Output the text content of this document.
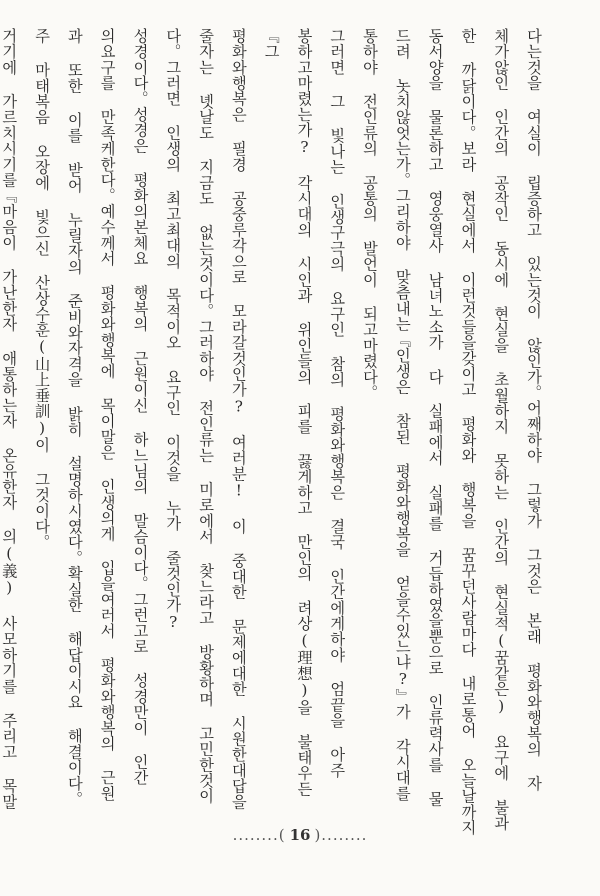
다는것을 여실이 립증하고 있는것이 않인가。어째하야 그렇가 그것은 본래 평화와행복의 자
체가않인 인간의 공작인 동시에 현실을 초월하지 못하는 인간의 현실적(꿈같은) 요구에 불과
한 까닭이다。보라 현실에서 이런것들을갖이고 평화와 행복을 꿈꾸던사람마다 내로통어 오늘날까지
동서양을 물론하고 영웅열사 남녀노소가 다 실패에서 실패를 거듭하였을뿐으로 인류력사를 물
드려 놋치않엇는가。그리하야 맞츰내는『인생은 참된 평화와행복을 얻을수있느냐?』가 각시대를
통하야 전인류의 공통의 발언이 되고마렸다。
그러면 그 빛나는 인생구극의 요구인 참의 평화와행복은 결국 인간에게하야 엄끝을 아주
봉하고마렸는가? 각시대의 시인과 위인들의 피를 끓게하고 만인의 려상(理想)을 불태우든 『그
평화와행복은 필경 공중루각으로 모라갈것인가? 여러분! 이 중대한 문제에대한 시원한대답을
줄자는 녯날도 지금도 없는것이다。그러하야 전인류는 미로에서 찾느라고 방황하며 고민한것이
다。그러면 인생의 최고최대의 목적이오 요구인 이것을 누가 줄것인가?
성경이다。성경은 평화의본체요 행복의 근원이신 하느님의 말슴이다。그런고로 성경만이 인간
의요구를 만족케한다。예수께서 평화와행복에 목이말은 인생의게 입을여러서 평화와행복의 근원
과 또한 이를 받어 누릴자의 준비와자격을 밝히 설명하시였다。확실한 해답이시요 해결이다。
주 마태복음 오장에 빛으신 산상수훈(山上垂訓)이 그것이다。
거기에 가르치시기를『마음이 가난한자 애통하는자 온유한자 의(義) 사모하기를 주리고 목말
........( 16 )........
